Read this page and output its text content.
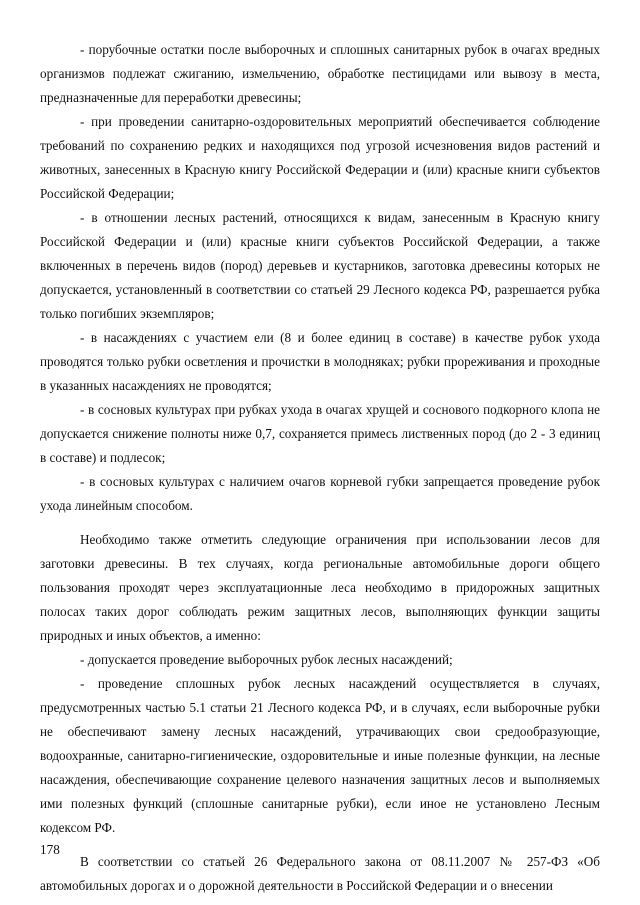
- порубочные остатки после выборочных и сплошных санитарных рубок в очагах вредных организмов подлежат сжиганию, измельчению, обработке пестицидами или вывозу в места, предназначенные для переработки древесины;

- при проведении санитарно-оздоровительных мероприятий обеспечивается соблюдение требований по сохранению редких и находящихся под угрозой исчезновения видов растений и животных, занесенных в Красную книгу Российской Федерации и (или) красные книги субъектов Российской Федерации;

- в отношении лесных растений, относящихся к видам, занесенным в Красную книгу Российской Федерации и (или) красные книги субъектов Российской Федерации, а также включенных в перечень видов (пород) деревьев и кустарников, заготовка древесины которых не допускается, установленный в соответствии со статьей 29 Лесного кодекса РФ, разрешается рубка только погибших экземпляров;

- в насаждениях с участием ели (8 и более единиц в составе) в качестве рубок ухода проводятся только рубки осветления и прочистки в молодняках; рубки прореживания и проходные в указанных насаждениях не проводятся;

- в сосновых культурах при рубках ухода в очагах хрущей и соснового подкорного клопа не допускается снижение полноты ниже 0,7, сохраняется примесь лиственных пород (до 2 - 3 единиц в составе) и подлесок;

- в сосновых культурах с наличием очагов корневой губки запрещается проведение рубок ухода линейным способом.

Необходимо также отметить следующие ограничения при использовании лесов для заготовки древесины. В тех случаях, когда региональные автомобильные дороги общего пользования проходят через эксплуатационные леса необходимо в придорожных защитных полосах таких дорог соблюдать режим защитных лесов, выполняющих функции защиты природных и иных объектов, а именно:

- допускается проведение выборочных рубок лесных насаждений;

- проведение сплошных рубок лесных насаждений осуществляется в случаях, предусмотренных частью 5.1 статьи 21 Лесного кодекса РФ, и в случаях, если выборочные рубки не обеспечивают замену лесных насаждений, утрачивающих свои средообразующие, водоохранные, санитарно-гигиенические, оздоровительные и иные полезные функции, на лесные насаждения, обеспечивающие сохранение целевого назначения защитных лесов и выполняемых ими полезных функций (сплошные санитарные рубки), если иное не установлено Лесным кодексом РФ.

В соответствии со статьей 26 Федерального закона от 08.11.2007 № 257-ФЗ «Об автомобильных дорогах и о дорожной деятельности в Российской Федерации и о внесении

178
